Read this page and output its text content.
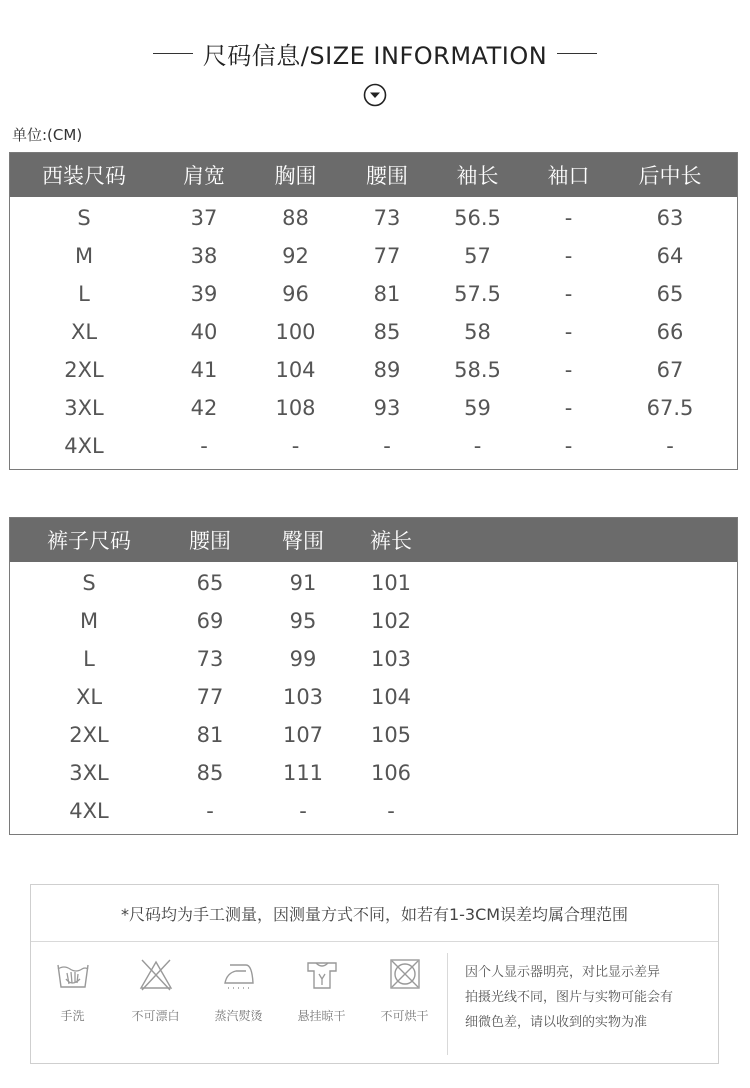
尺码信息/SIZE INFORMATION
单位:(CM)
西装尺码	肩宽	胸围	腰围	袖长	袖口	后中长
S	37	88	73	56.5	-	63
M	38	92	77	57	-	64
L	39	96	81	57.5	-	65
XL	40	100	85	58	-	66
2XL	41	104	89	58.5	-	67
3XL	42	108	93	59	-	67.5
4XL	-	-	-	-	-	-
裤子尺码	腰围	臀围	裤长
S	65	91	101
M	69	95	102
L	73	99	103
XL	77	103	104
2XL	81	107	105
3XL	85	111	106
4XL	-	-	-
*尺码均为手工测量，因测量方式不同，如若有1-3CM误差均属合理范围
手洗	不可漂白	蒸汽熨烫	悬挂晾干	不可烘干
因个人显示器明亮，对比显示差异
拍摄光线不同，图片与实物可能会有
细微色差，请以收到的实物为准
